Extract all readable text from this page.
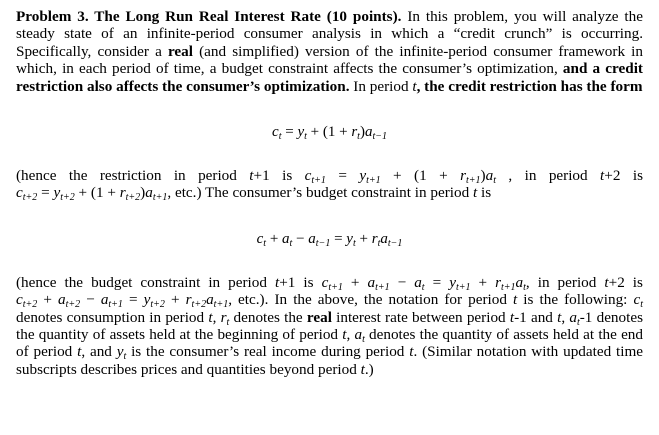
Problem 3. The Long Run Real Interest Rate (10 points). In this problem, you will analyze the steady state of an infinite-period consumer analysis in which a “credit crunch” is occurring. Specifically, consider a real (and simplified) version of the infinite-period consumer framework in which, in each period of time, a budget constraint affects the consumer’s optimization, and a credit restriction also affects the consumer’s optimization. In period t, the credit restriction has the form

$c_t = y_t + (1 + r_t)a_{t-1}$

(hence the restriction in period t+1 is $c_{t+1} = y_{t+1} + (1 + r_{t+1})a_t$ , in period t+2 is $c_{t+2} = y_{t+2} + (1 + r_{t+2})a_{t+1}$, etc.) The consumer’s budget constraint in period t is

$c_t + a_t - a_{t-1} = y_t + r_ta_{t-1}$

(hence the budget constraint in period t+1 is $c_{t+1} + a_{t+1} - a_t = y_{t+1} + r_{t+1}a_t$, in period t+2 is $c_{t+2} + a_{t+2} - a_{t+1} = y_{t+2} + r_{t+2}a_{t+1}$, etc.). In the above, the notation for period t is the following: $c_t$ denotes consumption in period t, $r_t$ denotes the real interest rate between period t-1 and t, $a_t-1$ denotes the quantity of assets held at the beginning of period t, $a_t$ denotes the quantity of assets held at the end of period t, and $y_t$ is the consumer’s real income during period t. (Similar notation with updated time subscripts describes prices and quantities beyond period t.)
